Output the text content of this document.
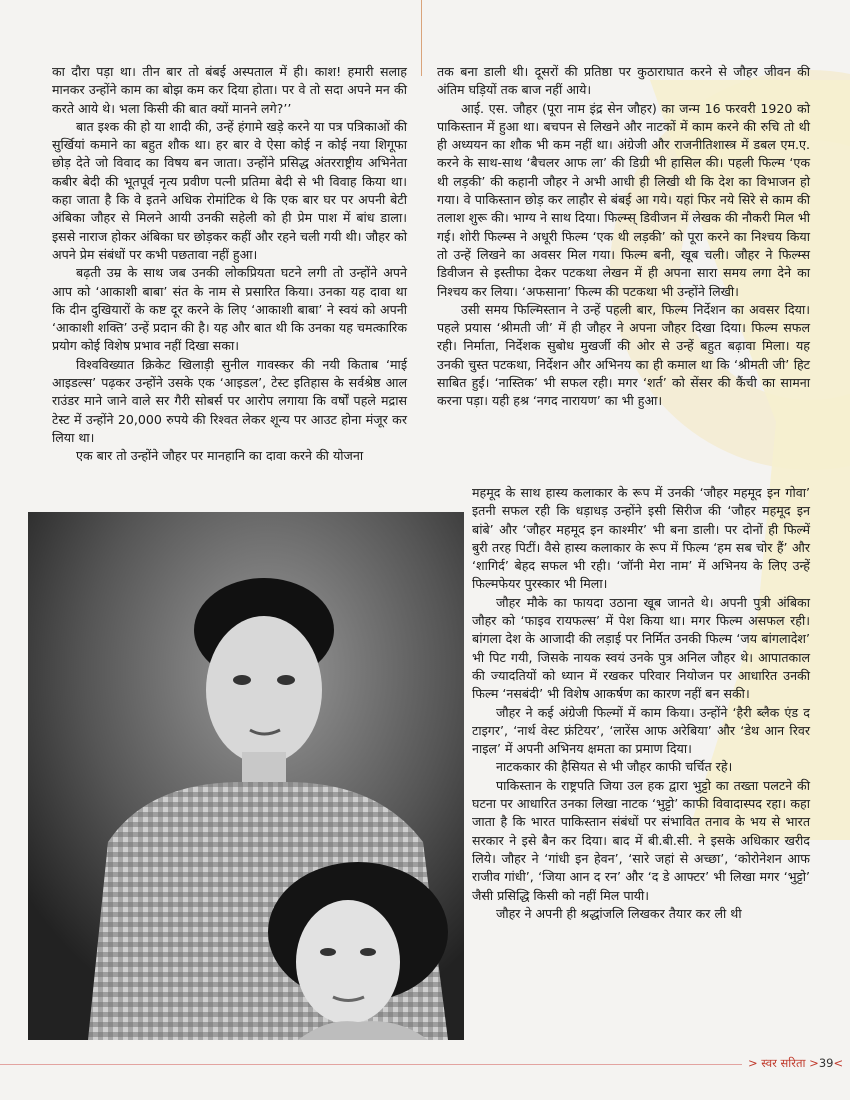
का दौरा पड़ा था। तीन बार तो बंबई अस्पताल में ही। काश! हमारी सलाह मानकर उन्होंने काम का बोझ कम कर दिया होता। पर वे तो सदा अपने मन की करते आये थे। भला किसी की बात क्यों मानने लगे?’’

बात इश्क की हो या शादी की, उन्हें हंगामे खड़े करने या पत्र पत्रिकाओं की सुर्खियां कमाने का बहुत शौक था। हर बार वे ऐसा कोई न कोई नया शिगूफा छोड़ देते जो विवाद का विषय बन जाता। उन्होंने प्रसिद्ध अंतरराष्ट्रीय अभिनेता कबीर बेदी की भूतपूर्व नृत्य प्रवीण पत्नी प्रतिमा बेदी से भी विवाह किया था। कहा जाता है कि वे इतने अधिक रोमांटिक थे कि एक बार घर पर अपनी बेटी अंबिका जौहर से मिलने आयी उनकी सहेली को ही प्रेम पाश में बांध डाला। इससे नाराज होकर अंबिका घर छोड़कर कहीं और रहने चली गयी थी। जौहर को अपने प्रेम संबंधों पर कभी पछतावा नहीं हुआ।

बढ़ती उम्र के साथ जब उनकी लोकप्रियता घटने लगी तो उन्होंने अपने आप को ‘आकाशी बाबा’ संत के नाम से प्रसारित किया। उनका यह दावा था कि दीन दुखियारों के कष्ट दूर करने के लिए ‘आकाशी बाबा’ ने स्वयं को अपनी ‘आकाशी शक्ति’ उन्हें प्रदान की है। यह और बात थी कि उनका यह चमत्कारिक प्रयोग कोई विशेष प्रभाव नहीं दिखा सका।

विश्वविख्यात क्रिकेट खिलाड़ी सुनील गावस्कर की नयी किताब ‘माई आइडल्स’ पढ़कर उन्होंने उसके एक ‘आइडल’, टेस्ट इतिहास के सर्वश्रेष्ठ आल राउंडर माने जाने वाले सर गैरी सोबर्स पर आरोप लगाया कि वर्षों पहले मद्रास टेस्ट में उन्होंने 20,000 रुपये की रिश्वत लेकर शून्य पर आउट होना मंजूर कर लिया था।

एक बार तो उन्होंने जौहर पर मानहानि का दावा करने की योजना

तक बना डाली थी। दूसरों की प्रतिष्ठा पर कुठाराघात करने से जौहर जीवन की अंतिम घड़ियों तक बाज नहीं आये।

आई. एस. जौहर (पूरा नाम इंद्र सेन जौहर) का जन्म 16 फरवरी 1920 को पाकिस्तान में हुआ था। बचपन से लिखने और नाटकों में काम करने की रुचि तो थी ही अध्ययन का शौक भी कम नहीं था। अंग्रेजी और राजनीतिशास्त्र में डबल एम.ए. करने के साथ-साथ ‘बैचलर आफ ला’ की डिग्री भी हासिल की। पहली फिल्म ‘एक थी लड़की’ की कहानी जौहर ने अभी आधी ही लिखी थी कि देश का विभाजन हो गया। वे पाकिस्तान छोड़ कर लाहौर से बंबई आ गये। यहां फिर नये सिरे से काम की तलाश शुरू की। भाग्य ने साथ दिया। फिल्म्स् डिवीजन में लेखक की नौकरी मिल भी गई। शोरी फिल्म्स ने अधूरी फिल्म ‘एक थी लड़की’ को पूरा करने का निश्चय किया तो उन्हें लिखने का अवसर मिल गया। फिल्म बनी, खूब चली। जौहर ने फिल्म्स डिवीजन से इस्तीफा देकर पटकथा लेखन में ही अपना सारा समय लगा देने का निश्चय कर लिया। ‘अफसाना’ फिल्म की पटकथा भी उन्होंने लिखी।

उसी समय फिल्मिस्तान ने उन्हें पहली बार, फिल्म निर्देशन का अवसर दिया। पहले प्रयास ‘श्रीमती जी’ में ही जौहर ने अपना जौहर दिखा दिया। फिल्म सफल रही। निर्माता, निर्देशक सुबोध मुखर्जी की ओर से उन्हें बहुत बढ़ावा मिला। यह उनकी चुस्त पटकथा, निर्देशन और अभिनय का ही कमाल था कि ‘श्रीमती जी’ हिट साबित हुई। ‘नास्तिक’ भी सफल रही। मगर ‘शर्त’ को सेंसर की कैंची का सामना करना पड़ा। यही हश्र ‘नगद नारायण’ का भी हुआ।

महमूद के साथ हास्य कलाकार के रूप में उनकी ‘जौहर महमूद इन गोवा’ इतनी सफल रही कि धड़ाधड़ उन्होंने इसी सिरीज की ‘जौहर महमूद इन बांबे’ और ‘जौहर महमूद इन काश्मीर’ भी बना डाली। पर दोनों ही फिल्में बुरी तरह पिटीं। वैसे हास्य कलाकार के रूप में फिल्म ‘हम सब चोर हैं’ और ‘शागिर्द’ बेहद सफल भी रही। ‘जॉनी मेरा नाम’ में अभिनय के लिए उन्हें फिल्मफेयर पुरस्कार भी मिला।

जौहर मौके का फायदा उठाना खूब जानते थे। अपनी पुत्री अंबिका जौहर को ‘फाइव रायफल्स’ में पेश किया था। मगर फिल्म असफल रही। बांगला देश के आजादी की लड़ाई पर निर्मित उनकी फिल्म ‘जय बांगलादेश’ भी पिट गयी, जिसके नायक स्वयं उनके पुत्र अनिल जौहर थे। आपातकाल की ज्यादतियों को ध्यान में रखकर परिवार नियोजन पर आधारित उनकी फिल्म ‘नसबंदी’ भी विशेष आकर्षण का कारण नहीं बन सकी।

जौहर ने कई अंग्रेजी फिल्मों में काम किया। उन्होंने ‘हैरी ब्लैक एंड द टाइगर’, ‘नार्थ वेस्ट फ्रंटियर’, ‘लारेंस आफ अरेबिया’ और ‘डेथ आन रिवर नाइल’ में अपनी अभिनय क्षमता का प्रमाण दिया।

नाटककार की हैसियत से भी जौहर काफी चर्चित रहे।

पाकिस्तान के राष्ट्रपति जिया उल हक द्वारा भुट्टो का तख्ता पलटने की घटना पर आधारित उनका लिखा नाटक ‘भुट्टो’ काफी विवादास्पद रहा। कहा जाता है कि भारत पाकिस्तान संबंधों पर संभावित तनाव के भय से भारत सरकार ने इसे बैन कर दिया। बाद में बी.बी.सी. ने इसके अधिकार खरीद लिये। जौहर ने ‘गांधी इन हेवन’, ‘सारे जहां से अच्छा’, ‘कोरोनेशन आफ राजीव गांधी’, ‘जिया आन द रन’ और ‘द डे आफ्टर’ भी लिखा मगर ‘भुट्टो’ जैसी प्रसिद्धि किसी को नहीं मिल पायी।

जौहर ने अपनी ही श्रद्धांजलि लिखकर तैयार कर ली थी

> स्वर सरिता >39<
